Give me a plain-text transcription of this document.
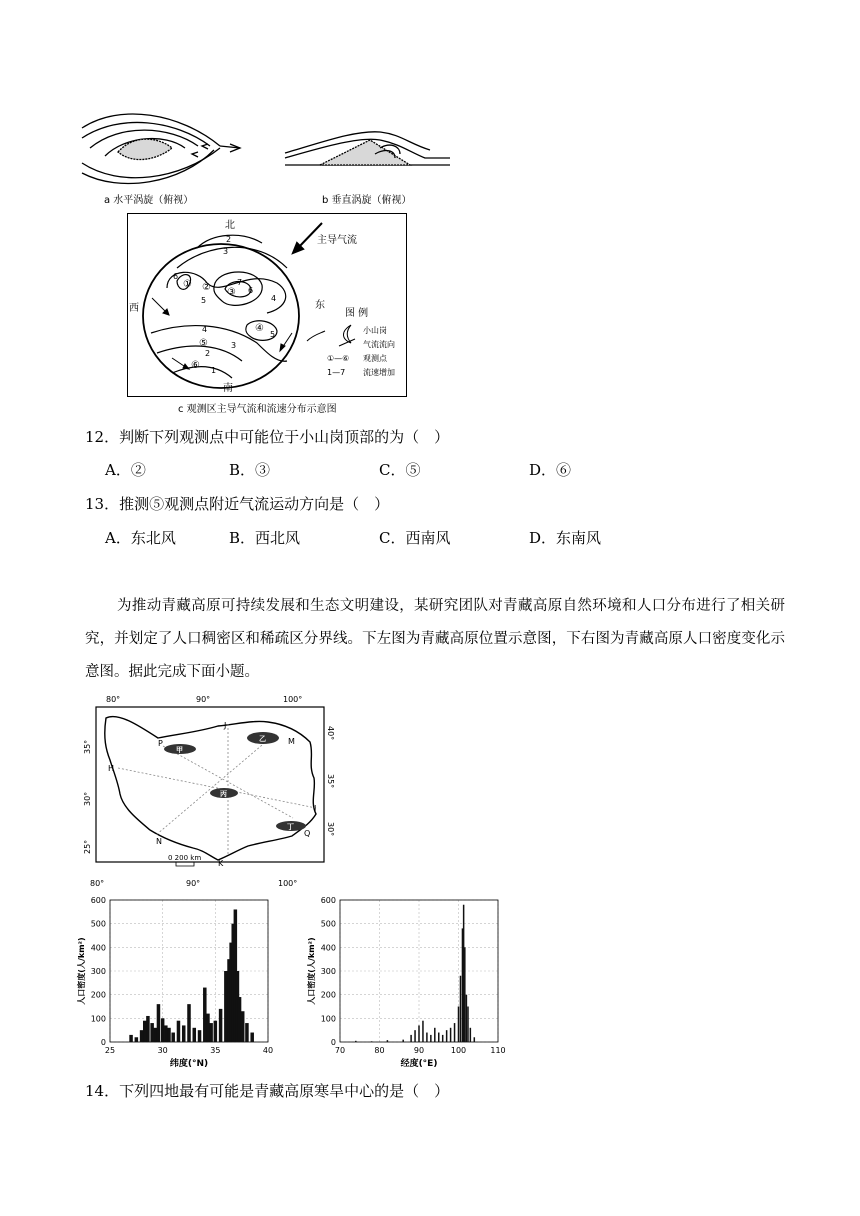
a 水平涡旋（俯视）	b 垂直涡旋（俯视）
北
南
东
西
主导气流
图 例
小山岗
气流流向
①—⑥ 观测点
1—7 流速增加
① ② ③
④
⑤
⑥
2
3
6
5
7
6
4
5
4
3
2
1
c 观测区主导气流和流速分布示意图
12．判断下列观测点中可能位于小山岗顶部的为（　）
A．②	B．③	C．⑤	D．⑥
13．推测⑤观测点附近气流运动方向是（　）
A．东北风	B．西北风	C．西南风	D．东南风
为推动青藏高原可持续发展和生态文明建设，某研究团队对青藏高原自然环境和人口分布进行了相关研究，并划定了人口稠密区和稀疏区分界线。下左图为青藏高原位置示意图，下右图为青藏高原人口密度变化示意图。据此完成下面小题。
80°	90°	100°
80°	90°	100°
35°
30°
25°
40°
35°
30°
甲
乙
丙
丁
P
J
M
H
I
N
Q
K
0 200 km
0
100
200
300
400
500
600
25	30	35	40
纬度(°N)
人口密度(人/km²)
0
100
200
300
400
500
600
70	80	90	100	110
经度(°E)
人口密度(人/km²)
14．下列四地最有可能是青藏高原寒旱中心的是（　）
